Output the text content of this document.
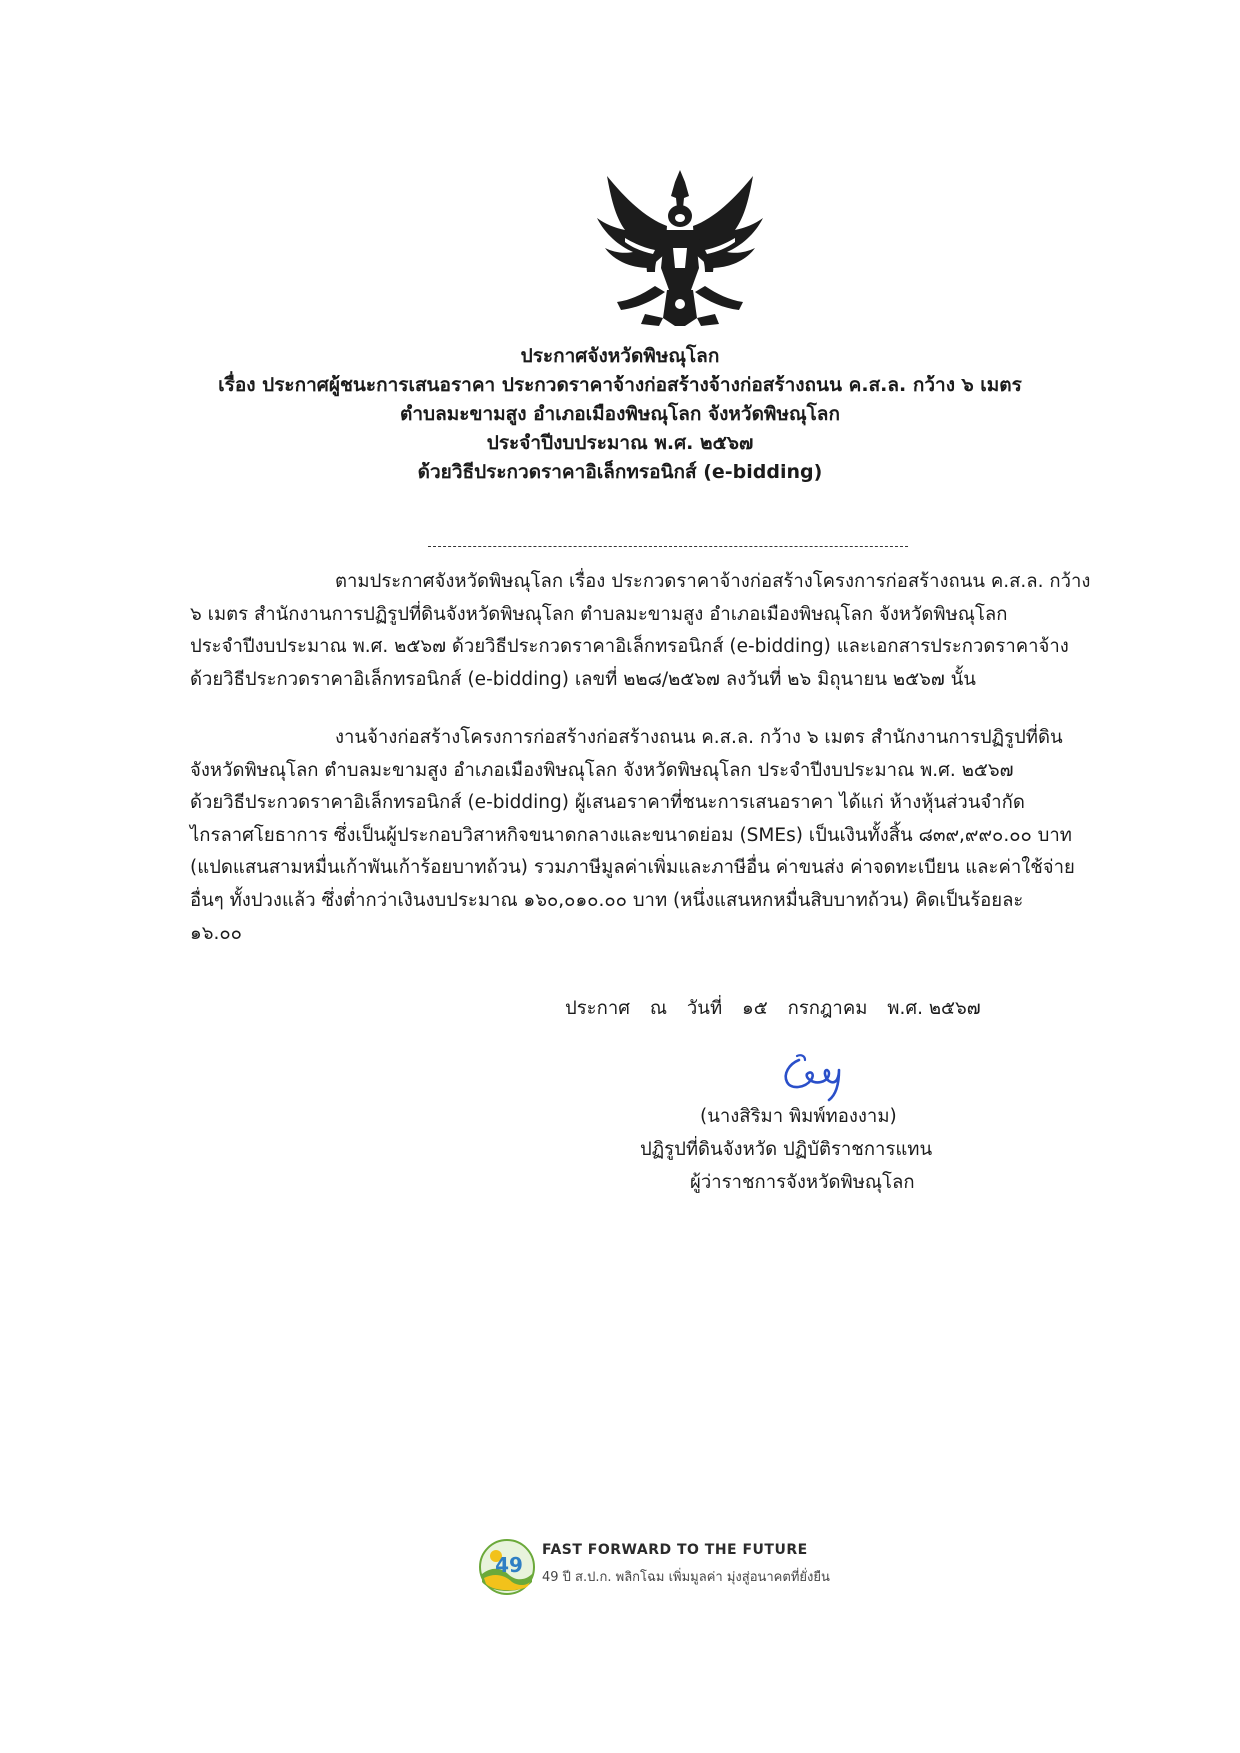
ประกาศจังหวัดพิษณุโลก
เรื่อง ประกาศผู้ชนะการเสนอราคา ประกวดราคาจ้างก่อสร้างจ้างก่อสร้างถนน ค.ส.ล. กว้าง ๖ เมตร
ตำบลมะขามสูง อำเภอเมืองพิษณุโลก จังหวัดพิษณุโลก
ประจำปีงบประมาณ พ.ศ. ๒๕๖๗
ด้วยวิธีประกวดราคาอิเล็กทรอนิกส์ (e-bidding)
ตามประกาศจังหวัดพิษณุโลก เรื่อง ประกวดราคาจ้างก่อสร้างโครงการก่อสร้างถนน ค.ส.ล. กว้าง
๖ เมตร สำนักงานการปฏิรูปที่ดินจังหวัดพิษณุโลก ตำบลมะขามสูง อำเภอเมืองพิษณุโลก จังหวัดพิษณุโลก
ประจำปีงบประมาณ พ.ศ. ๒๕๖๗ ด้วยวิธีประกวดราคาอิเล็กทรอนิกส์ (e-bidding) และเอกสารประกวดราคาจ้าง
ด้วยวิธีประกวดราคาอิเล็กทรอนิกส์ (e-bidding) เลขที่ ๒๒๘/๒๕๖๗ ลงวันที่ ๒๖ มิถุนายน ๒๕๖๗ นั้น
งานจ้างก่อสร้างโครงการก่อสร้างก่อสร้างถนน ค.ส.ล. กว้าง ๖ เมตร สำนักงานการปฏิรูปที่ดิน
จังหวัดพิษณุโลก ตำบลมะขามสูง อำเภอเมืองพิษณุโลก จังหวัดพิษณุโลก ประจำปีงบประมาณ พ.ศ. ๒๕๖๗
ด้วยวิธีประกวดราคาอิเล็กทรอนิกส์ (e-bidding) ผู้เสนอราคาที่ชนะการเสนอราคา ได้แก่ ห้างหุ้นส่วนจำกัด
ไกรลาศโยธาการ ซึ่งเป็นผู้ประกอบวิสาหกิจขนาดกลางและขนาดย่อม (SMEs) เป็นเงินทั้งสิ้น ๘๓๙,๙๙๐.๐๐ บาท
(แปดแสนสามหมื่นเก้าพันเก้าร้อยบาทถ้วน) รวมภาษีมูลค่าเพิ่มและภาษีอื่น ค่าขนส่ง ค่าจดทะเบียน และค่าใช้จ่าย
อื่นๆ ทั้งปวงแล้ว ซึ่งต่ำกว่าเงินงบประมาณ ๑๖๐,๐๑๐.๐๐ บาท (หนึ่งแสนหกหมื่นสิบบาทถ้วน) คิดเป็นร้อยละ
๑๖.๐๐
ประกาศ ณ วันที่ ๑๕ กรกฎาคม พ.ศ. ๒๕๖๗
(นางสิริมา พิมพ์ทองงาม)
ปฏิรูปที่ดินจังหวัด ปฏิบัติราชการแทน
ผู้ว่าราชการจังหวัดพิษณุโลก
49
FAST FORWARD TO THE FUTURE
49 ปี ส.ป.ก. พลิกโฉม เพิ่มมูลค่า มุ่งสู่อนาคตที่ยั่งยืน
